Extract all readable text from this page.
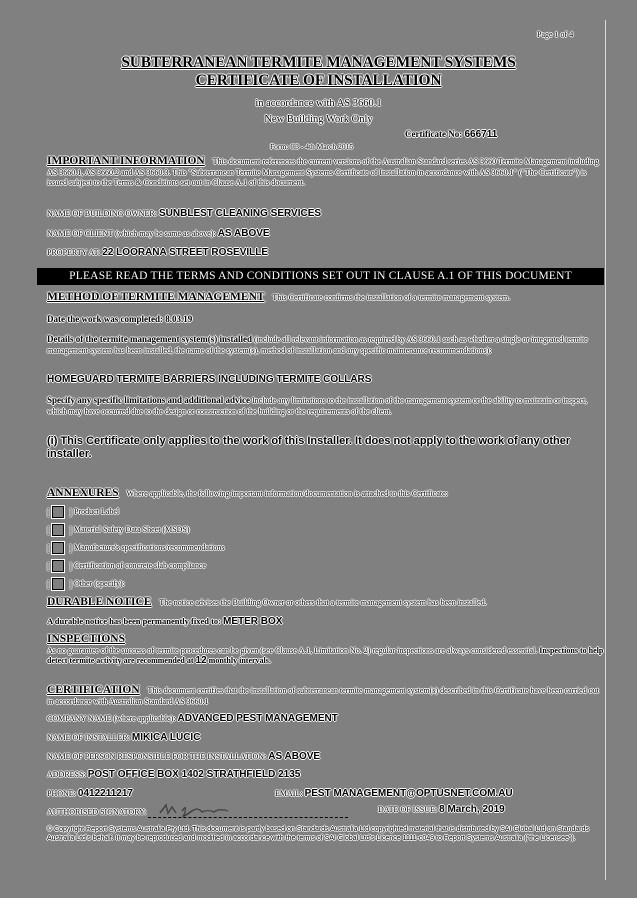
Page 1 of 4
SUBTERRANEAN TERMITE MANAGEMENT SYSTEMS
CERTIFICATE OF INSTALLATION
in accordance with AS 3660.1
New Building Work Only
Certificate No: 666711
Form: C3 - 4th March 2015
IMPORTANT INFORMATION This document references the current versions of the Australian Standard series AS 3660 Termite Management including AS 3660.1, AS 3660.2 and AS 3660.3. This "Subterranean Termite Management Systems Certificate of Installation in accordance with AS 3660.1" ("The Certificate") is issued subject to the Terms & Conditions set out in Clause A.1 of this document.
NAME OF BUILDING OWNER: SUNBLEST CLEANING SERVICES
NAME OF CLIENT (which may be same as above): AS ABOVE
PROPERTY AT: 22 LOORANA STREET ROSEVILLE
PLEASE READ THE TERMS AND CONDITIONS SET OUT IN CLAUSE A.1 OF THIS DOCUMENT
METHOD OF TERMITE MANAGEMENT This Certificate confirms the installation of a termite management system.
Date the work was completed: 8.03.19
Details of the termite management system(s) installed (include all relevant information as required by AS 3660.1 such as whether a single or integrated termite management system has been installed, the name of the system(s), method of installation and any specific maintenance recommendations):
HOMEGUARD TERMITE BARRIERS INCLUDING TERMITE COLLARS
Specify any specific limitations and additional advice Include any limitations to the installation of the management system or the ability to maintain or inspect, which may have occurred due to the design or construction of the building or the requirements of the client.
(i) This Certificate only applies to the work of this Installer. It does not apply to the work of any other installer.
ANNEXURES Where applicable, the following important information/documentation is attached to this Certificate:
[ ]
Product Label
[ ]
Material Safety Data Sheet (MSDS)
[ ]
Manufacture's specifications/recommendations
[ ]
Certification of concrete slab compliance
[ ]
Other (specify):
DURABLE NOTICE The notice advises the Building Owner or others that a termite management system has been installed.
A durable notice has been permanently fixed to: METER BOX
INSPECTIONS
As no guarantee of the success of termite procedures can be given (see Clause A.1, Limitation No. 2) regular inspections are always considered essential. Inspections to help detect termite activity are recommended at 12 monthly intervals.
CERTIFICATION This document certifies that the installation of subterranean termite management system(s) described in this Certificate have been carried out in accordance with Australian Standard AS 3660.1
COMPANY NAME (where applicable): ADVANCED PEST MANAGEMENT
NAME OF INSTALLER: MIKICA LUCIC
NAME OF PERSON RESPONSIBLE FOR THE INSTALLATION: AS ABOVE
ADDRESS: POST OFFICE BOX 1402 STRATHFIELD 2135
PHONE: 0412211217	EMAIL: PEST MANAGEMENT@OPTUSNET.COM.AU
AUTHORISED SIGNATORY:	DATE OF ISSUE: 8 March, 2019
© Copyright Report Systems Australia Pty Ltd. This document is partly based on Standards Australia Ltd copyrighted material that is distributed by SAI Global Ltd on Standards Australia Ltd's behalf. It may be reproduced and modified in accordance with the terms of SAI Global Ltd's Licence 1111-c049 to Report Systems Australia ("the Licensee").
